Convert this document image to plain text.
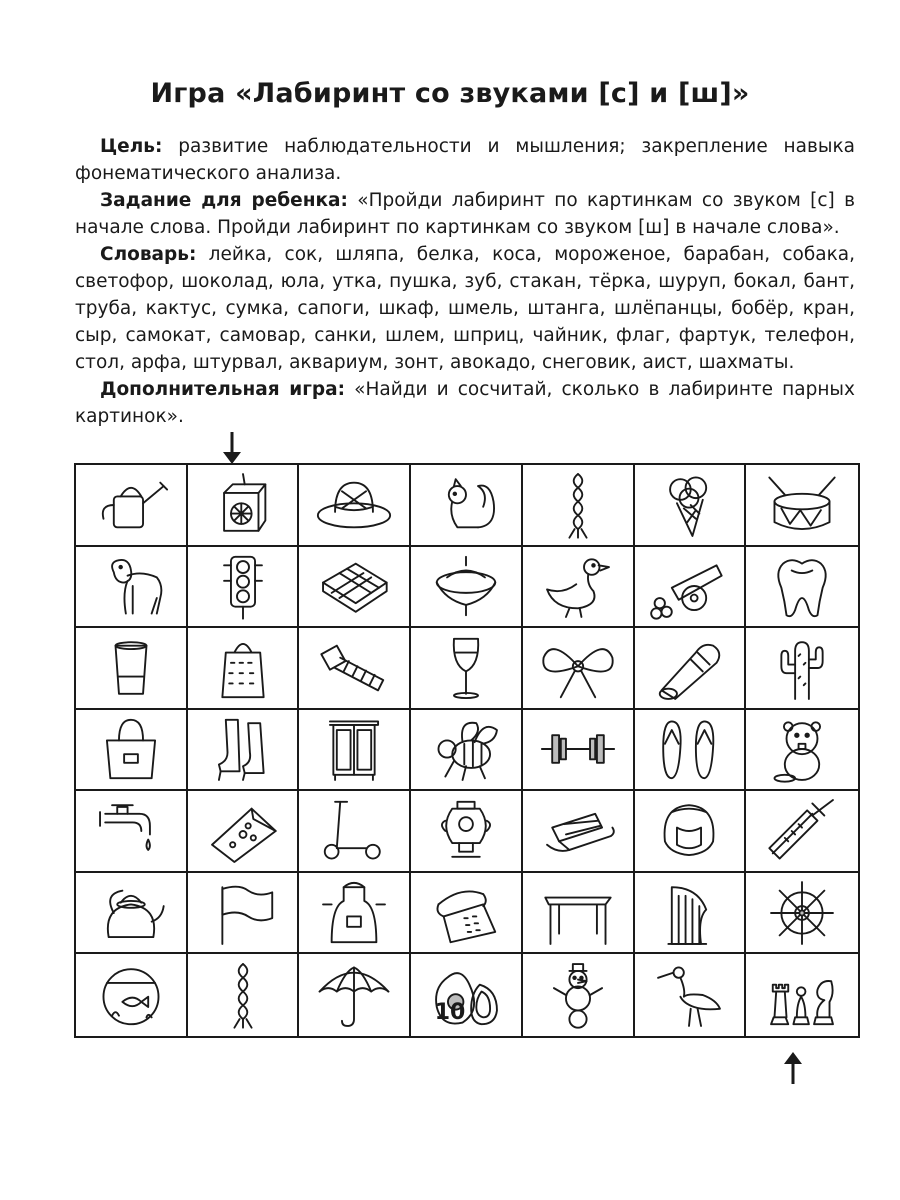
Игра «Лабиринт со звуками [с] и [ш]»

Цель: развитие наблюдательности и мышления; закрепление навыка фонематического анализа.

Задание для ребенка: «Пройди лабиринт по картинкам со звуком [с] в начале слова. Пройди лабиринт по картинкам со звуком [ш] в начале слова».

Словарь: лейка, сок, шляпа, белка, коса, мороженое, барабан, собака, светофор, шоколад, юла, утка, пушка, зуб, стакан, тёрка, шуруп, бокал, бант, труба, кактус, сумка, сапоги, шкаф, шмель, штанга, шлёпанцы, бобёр, кран, сыр, самокат, самовар, санки, шлем, шприц, чайник, флаг, фартук, телефон, стол, арфа, штурвал, аквариум, зонт, авокадо, снеговик, аист, шахматы.

Дополнительная игра: «Найди и сосчитай, сколько в лабиринте парных картинок».

10
